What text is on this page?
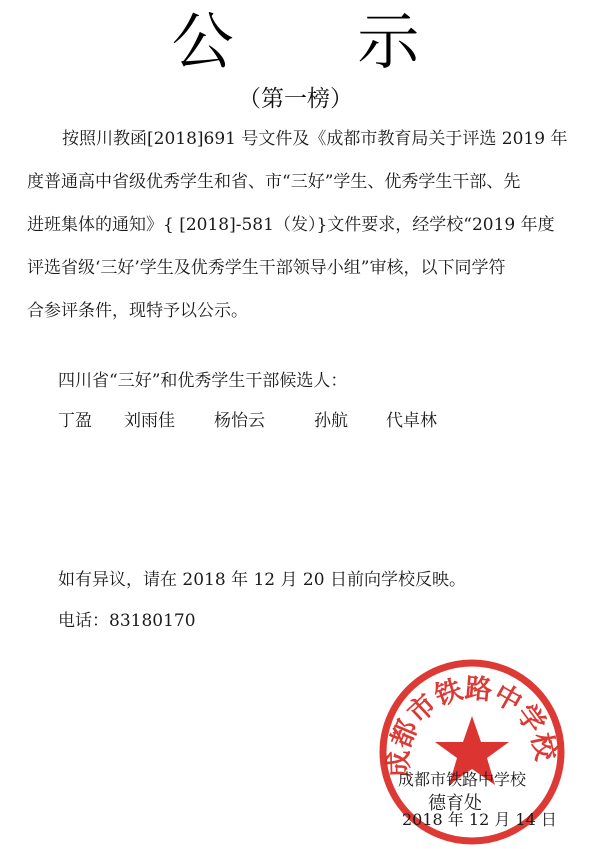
公 示
（第一榜）
按照川教函[2018]691 号文件及《成都市教育局关于评选 2019 年
度普通高中省级优秀学生和省、市“三好”学生、优秀学生干部、先
进班集体的通知》{ [2018]-581（发）}文件要求，经学校“2019 年度
评选省级‘三好’学生及优秀学生干部领导小组”审核，以下同学符
合参评条件，现特予以公示。
四川省“三好”和优秀学生干部候选人：
丁盈 刘雨佳 杨怡云	孙航 代卓林
如有异议，请在 2018 年 12 月 20 日前向学校反映。
电话：83180170
成都市铁路中学校
成都市铁路中学校
德育处
2018 年 12 月 14 日
